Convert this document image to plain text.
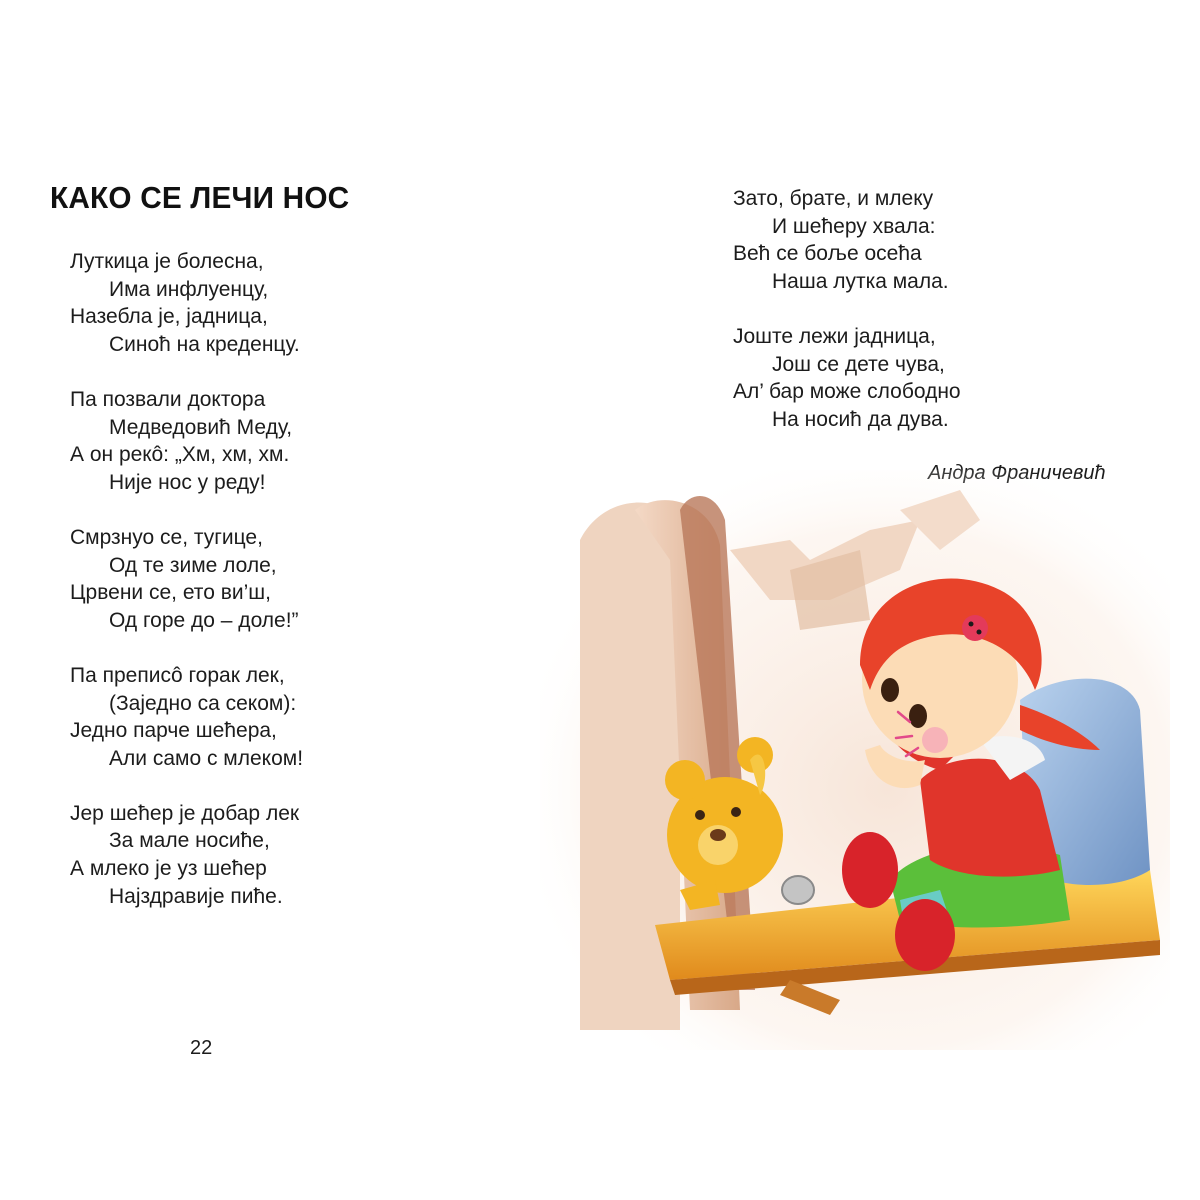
КАКО СЕ ЛЕЧИ НОС
Луткица је болесна,
Има инфлуенцу,
Назебла је, јадница,
Синоћ на креденцу.
Па позвали доктора
Медведовић Меду,
А он рекô: „Хм, хм, хм.
Није нос у реду!
Смрзнуо се, тугице,
Од те зиме лоле,
Црвени се, ето ви’ш,
Од горе до – доле!”
Па преписô горак лек,
(Заједно са секом):
Једно парче шећера,
Али само с млеком!
Јер шећер је добар лек
За мале носиће,
А млеко је уз шећер
Најздравије пиће.
Зато, брате, и млеку
И шећеру хвала:
Већ се боље осећа
Наша лутка мала.
Јоште лежи јадница,
Још се дете чува,
Ал’ бар може слободно
На носић да дува.
22
